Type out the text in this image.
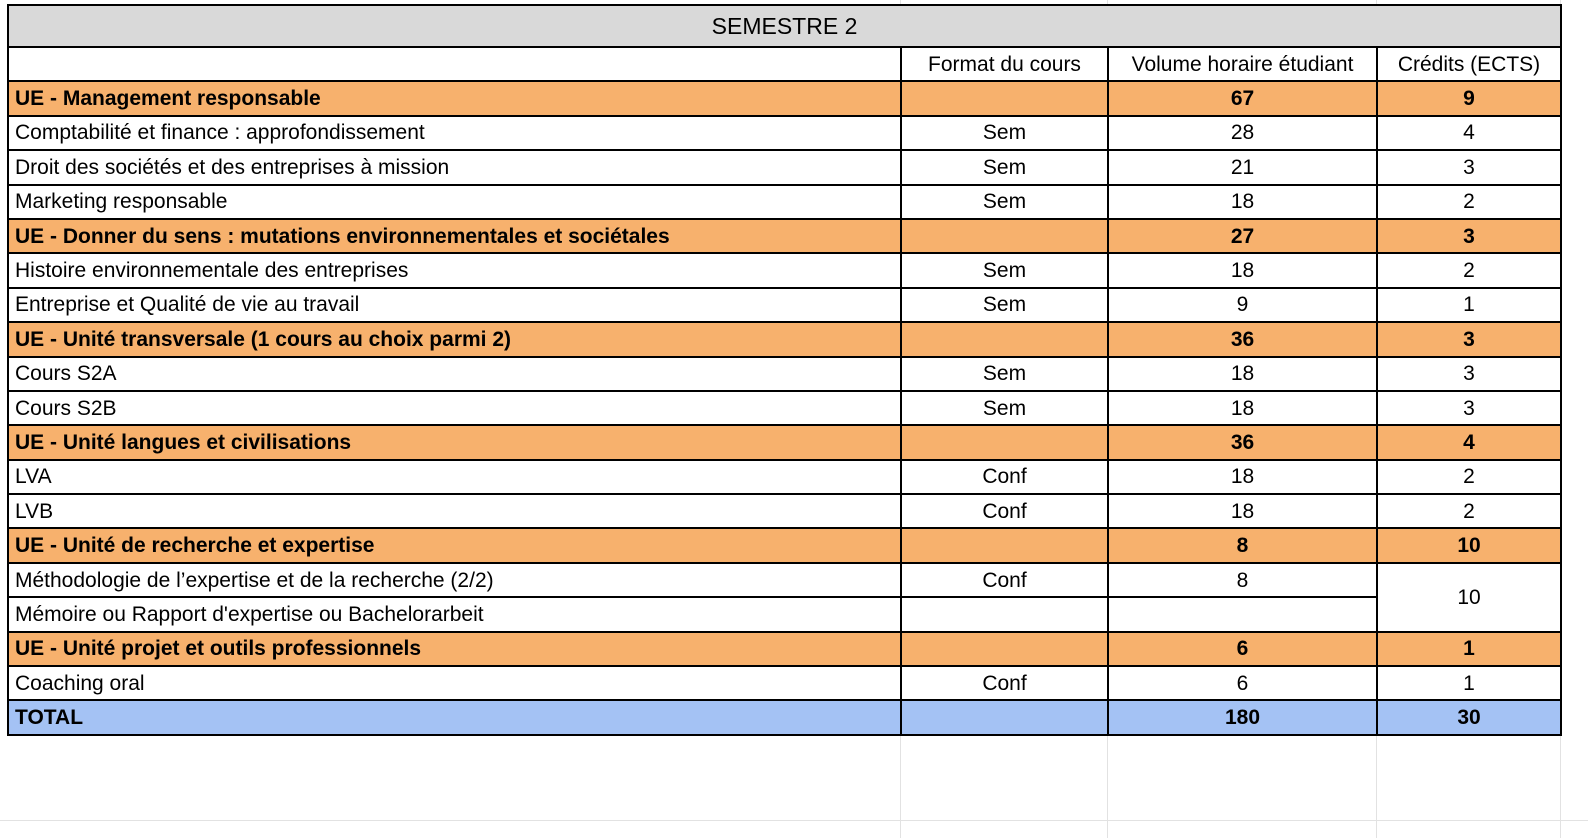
SEMESTRE 2			
	Format du cours	Volume horaire étudiant	Crédits (ECTS)
UE - Management responsable		67	9
Comptabilité et finance : approfondissement	Sem	28	4
Droit des sociétés et des entreprises à mission	Sem	21	3
Marketing responsable	Sem	18	2
UE - Donner du sens : mutations environnementales et sociétales		27	3
Histoire environnementale des entreprises	Sem	18	2
Entreprise et Qualité de vie au travail	Sem	9	1
UE - Unité transversale (1 cours au choix parmi 2)		36	3
Cours S2A	Sem	18	3
Cours S2B	Sem	18	3
UE - Unité langues et civilisations		36	4
LVA	Conf	18	2
LVB	Conf	18	2
UE - Unité de recherche et expertise		8	10
Méthodologie de l’expertise et de la recherche (2/2)	Conf	8	10
Mémoire ou Rapport d'expertise ou Bachelorarbeit			
UE - Unité projet et outils professionnels		6	1
Coaching oral	Conf	6	1
TOTAL		180	30
